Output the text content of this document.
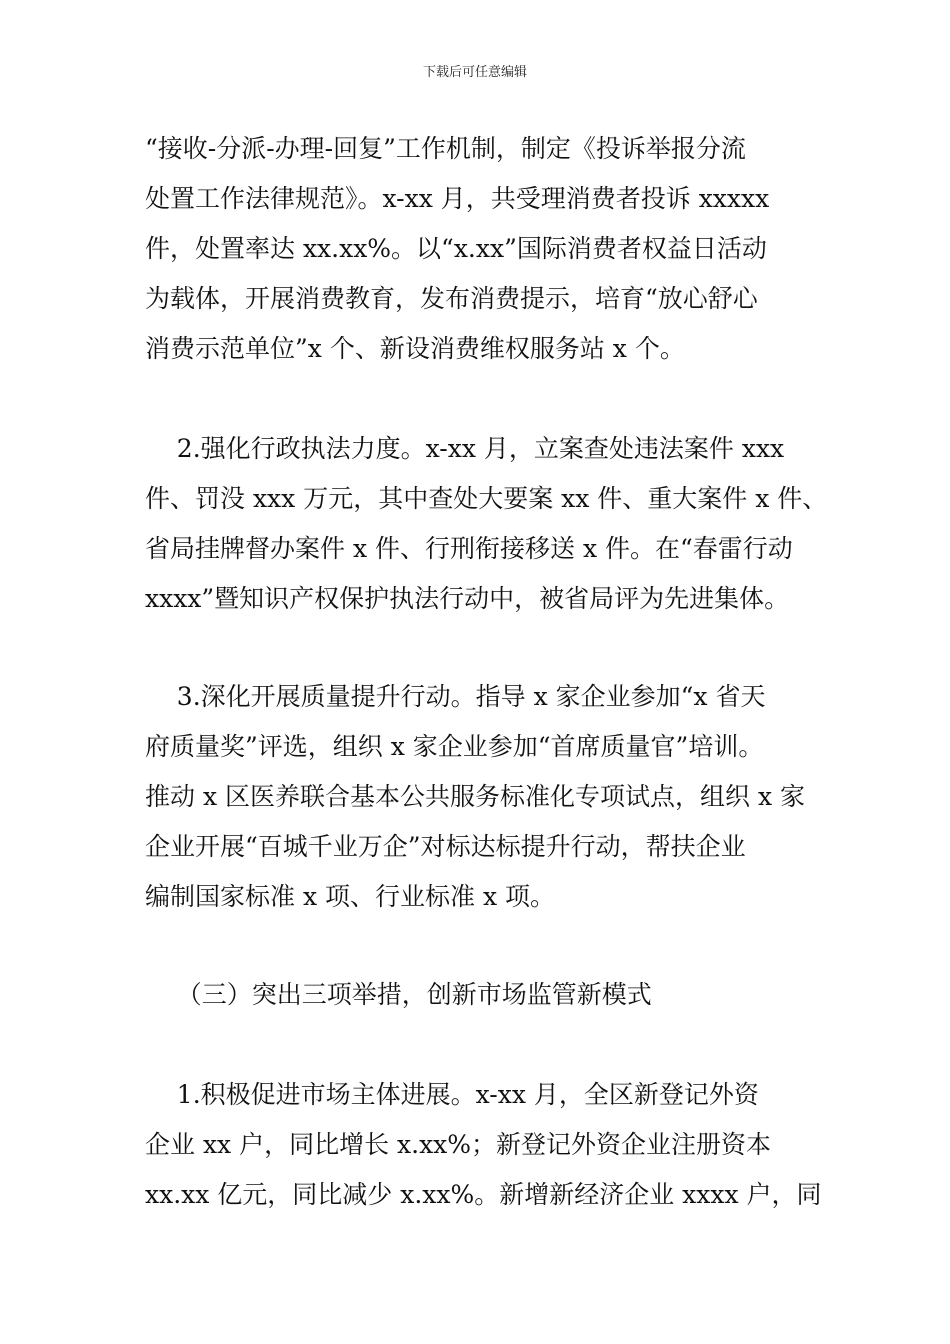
下载后可任意编辑
“接收-分派-办理-回复”工作机制，制定《投诉举报分流
处置工作法律规范》。x-xx 月，共受理消费者投诉 xxxxx
件，处置率达 xx.xx%。以“x.xx”国际消费者权益日活动
为载体，开展消费教育，发布消费提示，培育“放心舒心
消费示范单位”x 个、新设消费维权服务站 x 个。
2.强化行政执法力度。x-xx 月，立案查处违法案件 xxx
件、罚没 xxx 万元，其中查处大要案 xx 件、重大案件 x 件、
省局挂牌督办案件 x 件、行刑衔接移送 x 件。在“春雷行动
xxxx”暨知识产权保护执法行动中，被省局评为先进集体。
3.深化开展质量提升行动。指导 x 家企业参加“x 省天
府质量奖”评选，组织 x 家企业参加“首席质量官”培训。
推动 x 区医养联合基本公共服务标准化专项试点，组织 x 家
企业开展“百城千业万企”对标达标提升行动，帮扶企业
编制国家标准 x 项、行业标准 x 项。
（三）突出三项举措，创新市场监管新模式
1.积极促进市场主体进展。x-xx 月，全区新登记外资
企业 xx 户，同比增长 x.xx%；新登记外资企业注册资本
xx.xx 亿元，同比减少 x.xx%。新增新经济企业 xxxx 户，同
